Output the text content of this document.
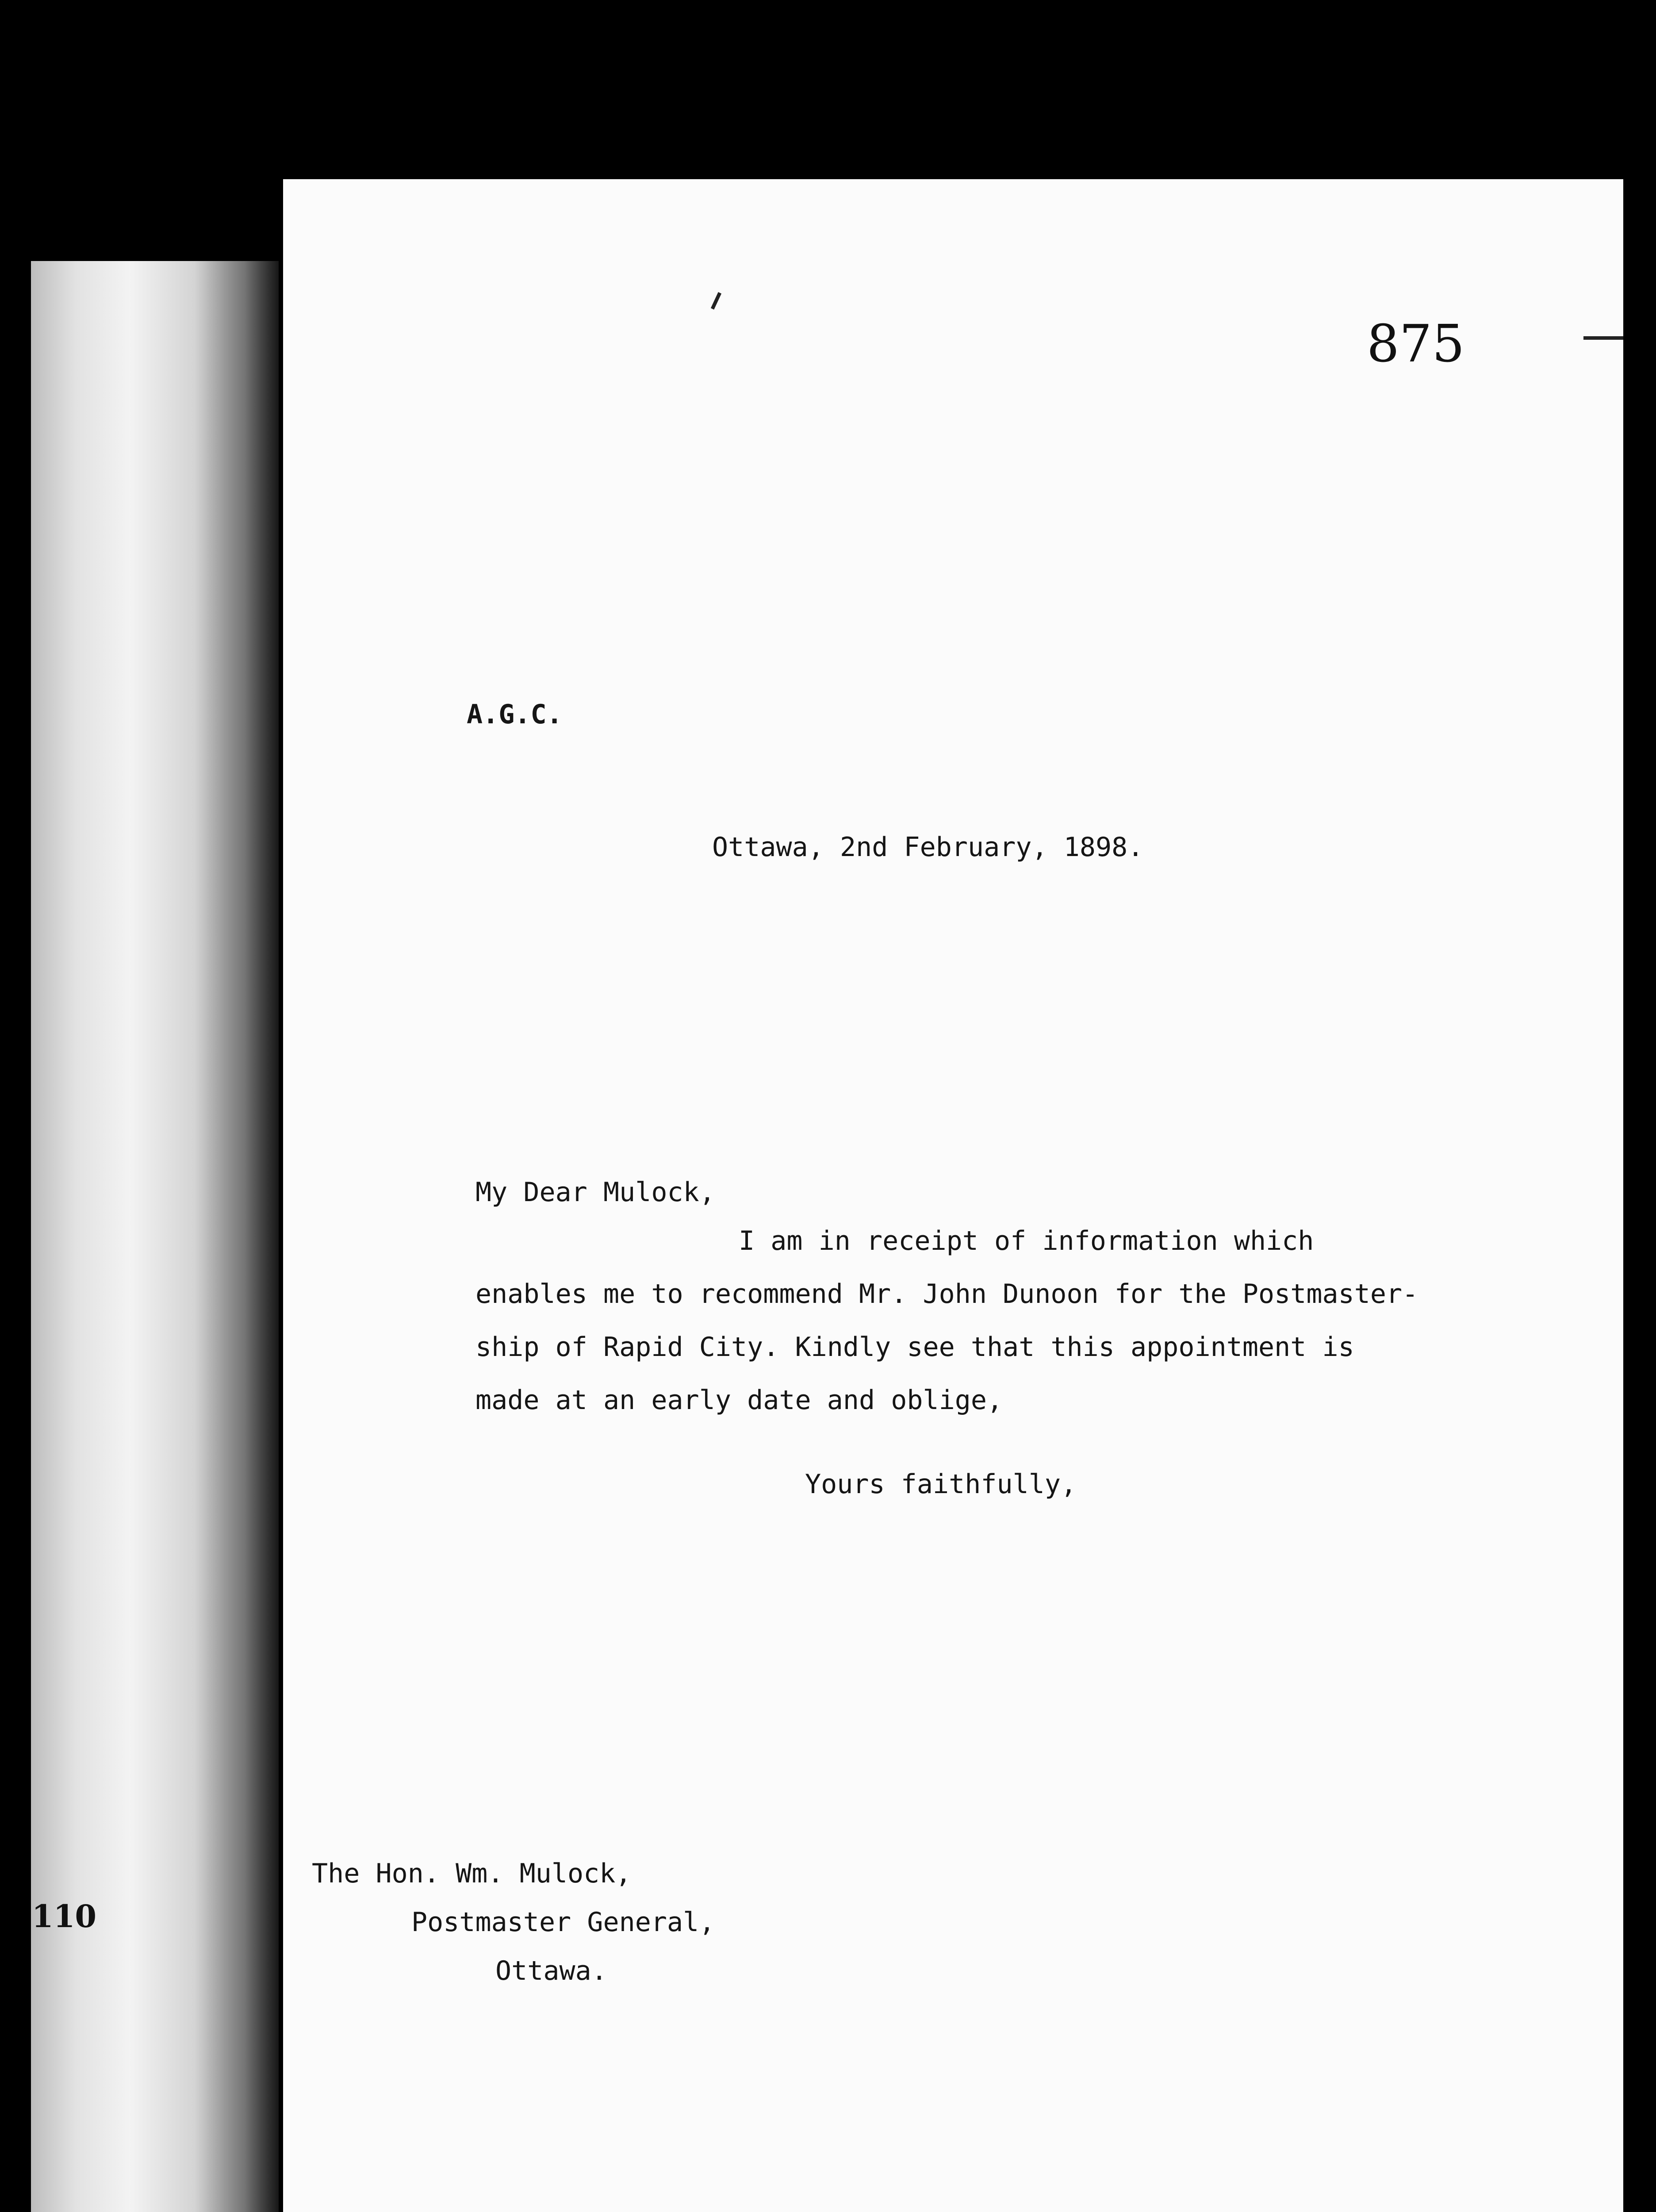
110
875
A.G.C.
Ottawa, 2nd February, 1898.
My Dear Mulock,
I am in receipt of information which
enables me to recommend Mr. John Dunoon for the Postmaster-
ship of Rapid City. Kindly see that this appointment is
made at an early date and oblige,
Yours faithfully,
The Hon. Wm. Mulock,
Postmaster General,
Ottawa.
